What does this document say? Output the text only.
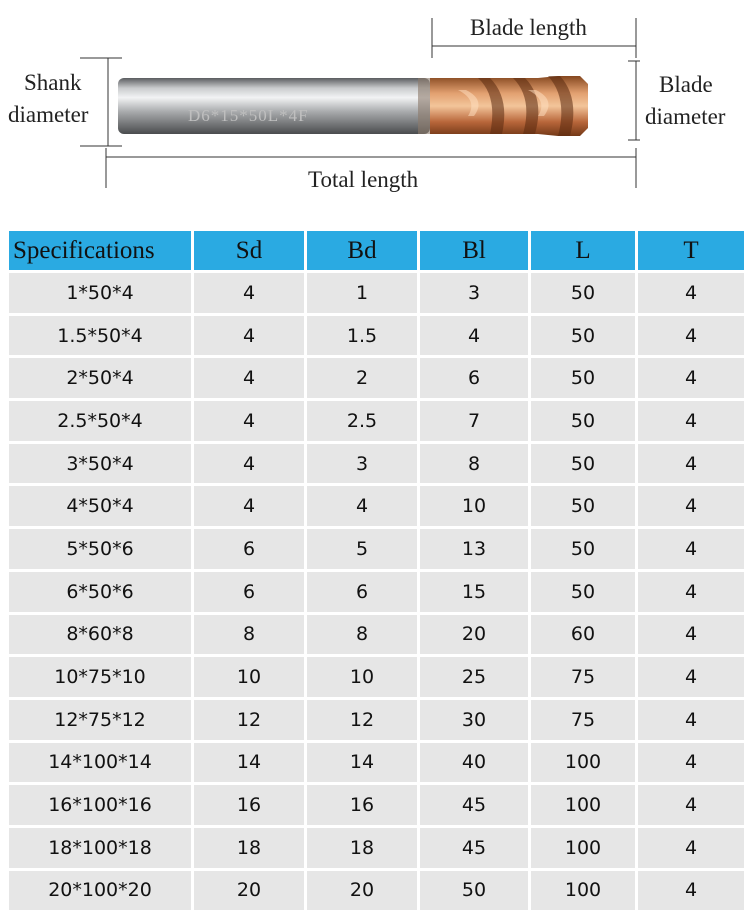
D6*15*50L*4F
Blade length
Shank
diameter
Blade
diameter
Total length
Specifications	Sd	Bd	Bl	L	T
1*50*4	4	1	3	50	4
1.5*50*4	4	1.5	4	50	4
2*50*4	4	2	6	50	4
2.5*50*4	4	2.5	7	50	4
3*50*4	4	3	8	50	4
4*50*4	4	4	10	50	4
5*50*6	6	5	13	50	4
6*50*6	6	6	15	50	4
8*60*8	8	8	20	60	4
10*75*10	10	10	25	75	4
12*75*12	12	12	30	75	4
14*100*14	14	14	40	100	4
16*100*16	16	16	45	100	4
18*100*18	18	18	45	100	4
20*100*20	20	20	50	100	4
